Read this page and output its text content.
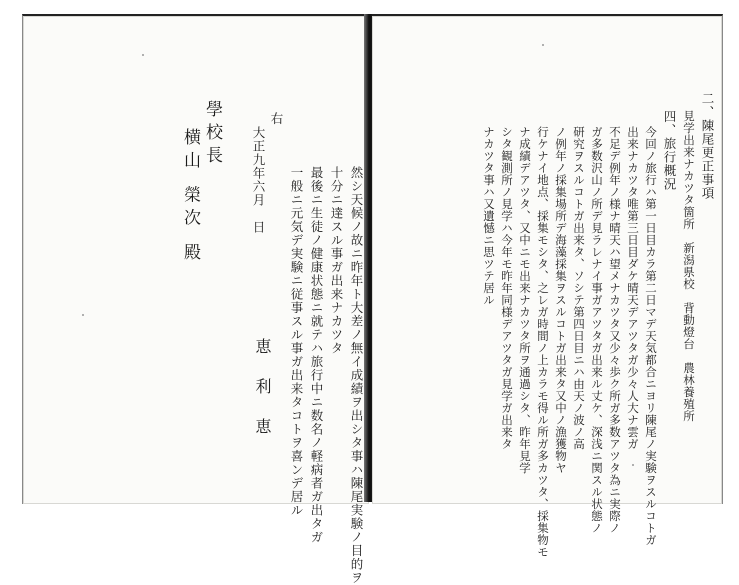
然シ天候ノ故ニ昨年ト大差ノ無イ成績ヲ出シタ事ハ陳尾実験ノ目的ヲ
十分ニ達スル事ガ出来ナカツタ
最後ニ生徒ノ健康状態ニ就テハ旅行中ニ数名ノ軽病者ガ出タガ
一般ニ元気デ実験ニ従事スル事ガ出来タコトヲ喜ンデ居ル
右
大正九年六月　日
恵利恵
學校長
横山 榮次 殿	二、陳尾更正事項
見学出来ナカツタ箇所　新潟県校　背動燈台　農林養殖所
四、旅行概況
今回ノ旅行ハ第一日目カラ第二日マデ天気都合ニヨリ陳尾ノ実験ヲスルコトガ
出来ナカツタ唯第三日目ダケ晴天デアツタガ少々人大ナ雲ガ
不足デ例年ノ様ナ晴天ハ望メナカツタ又少々歩ク所ガ多数アツタ為ニ実際ノ
ガ多数沢山ノ所デ見ラレナイ事ガアツタガ出来ル丈ケ、深浅ニ関スル状態ノ
研究ヲスルコトガ出来タ、ソシテ第四日目ニハ由天ノ波ノ高
ノ例年ノ採集場所デ海藻採集ヲスルコトガ出来タ又中ノ漁獲物ヤ
行ケナイ地点、採集モシタ、之レガ時間ノ上カラモ得ル所ガ多カツタ、採集物モ
ナ成績デアツタ、又中ニモ出来ナカツタ所ヲ通過シタ、昨年見学
シタ観測所ノ見学ハ今年モ昨年同様デアツタガ見学ガ出来タ
ナカツタ事ハ又遺憾ニ思ツテ居ル
